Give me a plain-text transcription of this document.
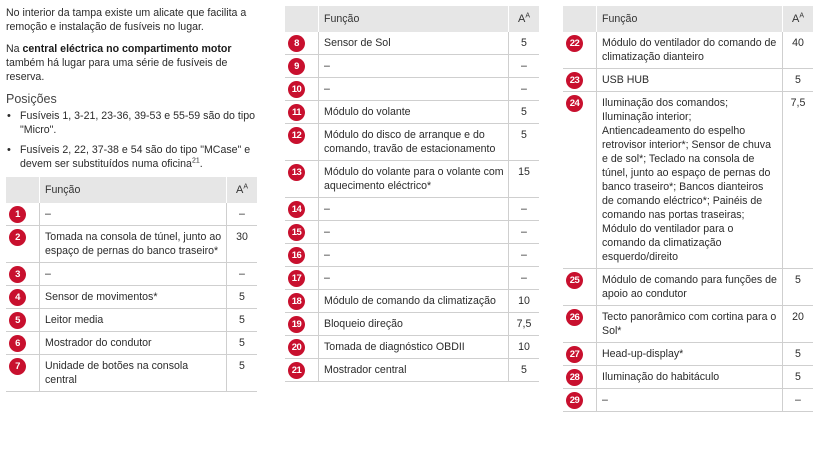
No interior da tampa existe um alicate que facilita a remoção e instalação de fusíveis no lugar.

Na central eléctrica no compartimento motor também há lugar para uma série de fusíveis de reserva.

Posições
• Fusíveis 1, 3-21, 23-36, 39-53 e 55-59 são do tipo "Micro".
• Fusíveis 2, 22, 37-38 e 54 são do tipo "MCase" e devem ser substituídos numa oficina$^{21}$.
	Função	$A^A$
1	–	–
2	Tomada na consola de túnel, junto ao espaço de pernas do banco traseiro*	30
3	–	–
4	Sensor de movimentos*	5
5	Leitor media	5
6	Mostrador do condutor	5
7	Unidade de botões na consola central	5
	Função	$A^A$
8	Sensor de Sol	5
9	–	–
10	–	–
11	Módulo do volante	5
12	Módulo do disco de arranque e do comando, travão de estacionamento	5
13	Módulo do volante para o volante com aquecimento eléctrico*	15
14	–	–
15	–	–
16	–	–
17	–	–
18	Módulo de comando da climatização	10
19	Bloqueio direção	7,5
20	Tomada de diagnóstico OBDII	10
21	Mostrador central	5
	Função	$A^A$
22	Módulo do ventilador do comando de climatização dianteiro	40
23	USB HUB	5
24	Iluminação dos comandos; Iluminação interior; Antiencadeamento do espelho retrovisor interior*; Sensor de chuva e de sol*; Teclado na consola de túnel, junto ao espaço de pernas do banco traseiro*; Bancos dianteiros de comando eléctrico*; Painéis de comando nas portas traseiras; Módulo do ventilador para o comando da climatização esquerdo/direito	7,5
25	Módulo de comando para funções de apoio ao condutor	5
26	Tecto panorâmico com cortina para o Sol*	20
27	Head-up-display*	5
28	Iluminação do habitáculo	5
29	–	–
